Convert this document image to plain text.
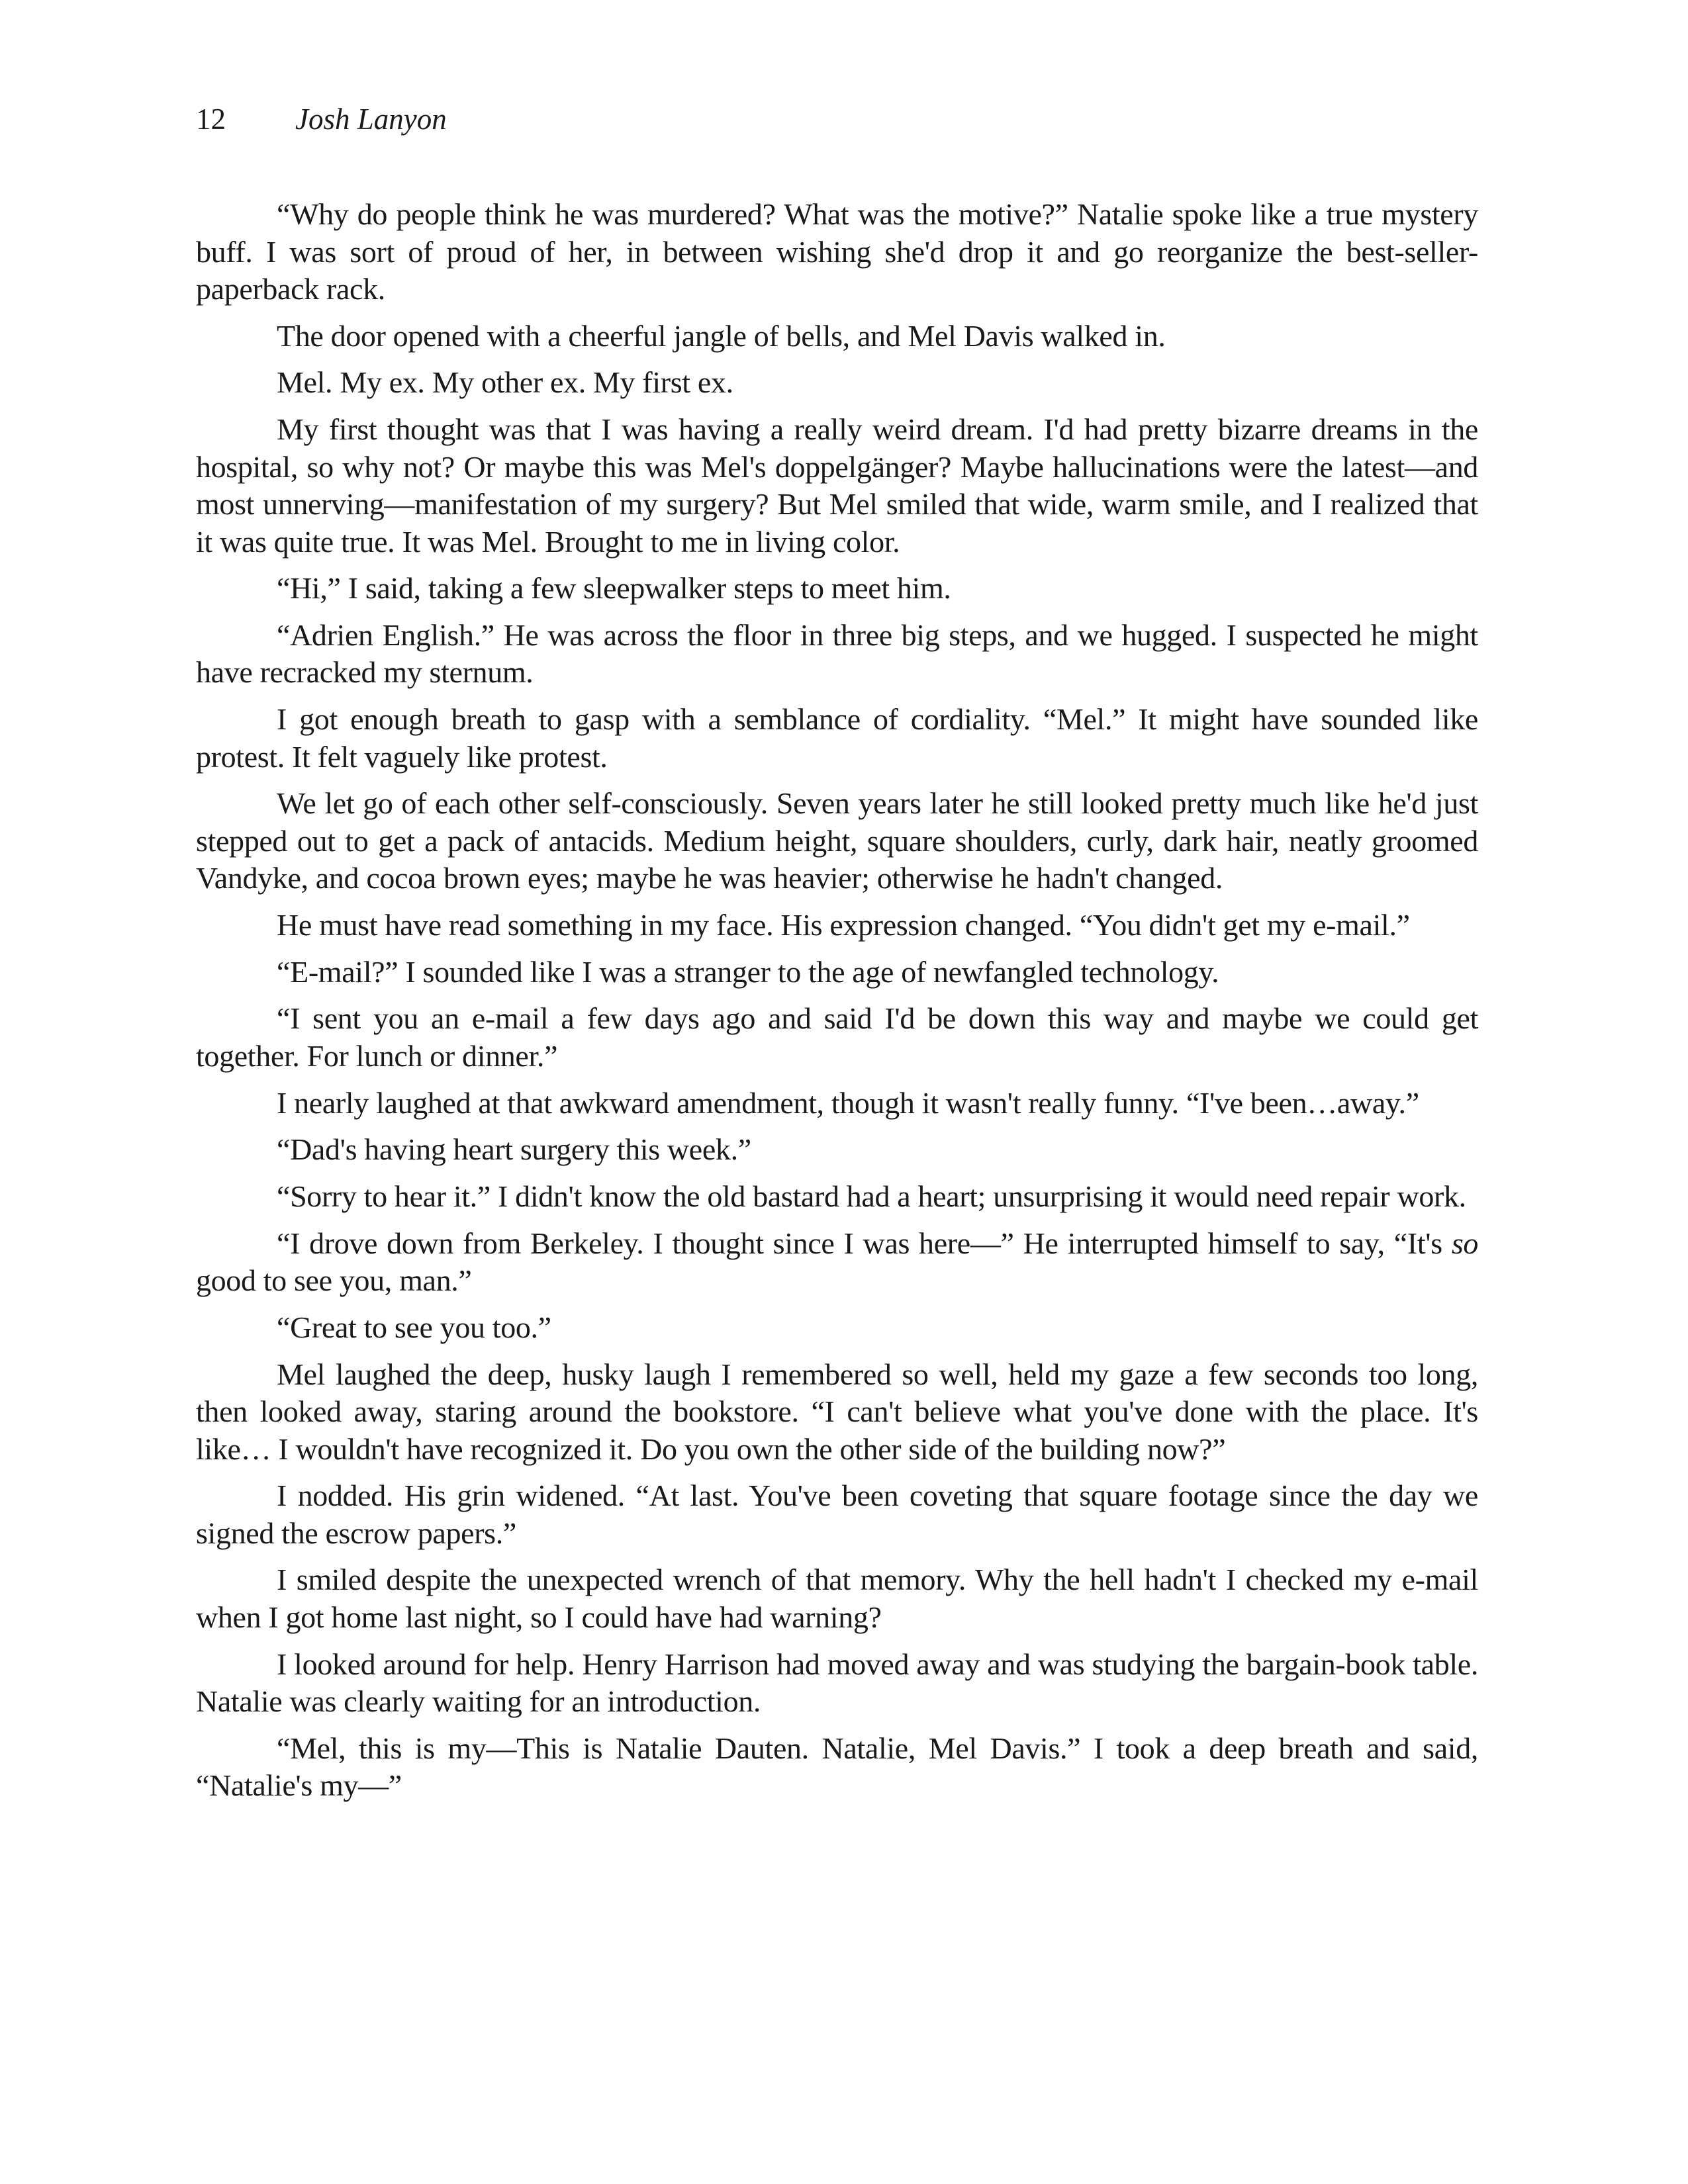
12 Josh Lanyon

“Why do people think he was murdered? What was the motive?” Natalie spoke like a true mystery buff. I was sort of proud of her, in between wishing she'd drop it and go reorganize the best-seller-paperback rack.

The door opened with a cheerful jangle of bells, and Mel Davis walked in.

Mel. My ex. My other ex. My first ex.

My first thought was that I was having a really weird dream. I'd had pretty bizarre dreams in the hospital, so why not? Or maybe this was Mel's doppelgänger? Maybe hallucinations were the latest—and most unnerving—manifestation of my surgery? But Mel smiled that wide, warm smile, and I realized that it was quite true. It was Mel. Brought to me in living color.

“Hi,” I said, taking a few sleepwalker steps to meet him.

“Adrien English.” He was across the floor in three big steps, and we hugged. I suspected he might have recracked my sternum.

I got enough breath to gasp with a semblance of cordiality. “Mel.” It might have sounded like protest. It felt vaguely like protest.

We let go of each other self-consciously. Seven years later he still looked pretty much like he'd just stepped out to get a pack of antacids. Medium height, square shoulders, curly, dark hair, neatly groomed Vandyke, and cocoa brown eyes; maybe he was heavier; otherwise he hadn't changed.

He must have read something in my face. His expression changed. “You didn't get my e-mail.”

“E-mail?” I sounded like I was a stranger to the age of newfangled technology.

“I sent you an e-mail a few days ago and said I'd be down this way and maybe we could get together. For lunch or dinner.”

I nearly laughed at that awkward amendment, though it wasn't really funny. “I've been…away.”

“Dad's having heart surgery this week.”

“Sorry to hear it.” I didn't know the old bastard had a heart; unsurprising it would need repair work.

“I drove down from Berkeley. I thought since I was here—” He interrupted himself to say, “It's so good to see you, man.”

“Great to see you too.”

Mel laughed the deep, husky laugh I remembered so well, held my gaze a few seconds too long, then looked away, staring around the bookstore. “I can't believe what you've done with the place. It's like… I wouldn't have recognized it. Do you own the other side of the building now?”

I nodded. His grin widened. “At last. You've been coveting that square footage since the day we signed the escrow papers.”

I smiled despite the unexpected wrench of that memory. Why the hell hadn't I checked my e-mail when I got home last night, so I could have had warning?

I looked around for help. Henry Harrison had moved away and was studying the bargain-book table. Natalie was clearly waiting for an introduction.

“Mel, this is my—This is Natalie Dauten. Natalie, Mel Davis.” I took a deep breath and said, “Natalie's my—”
